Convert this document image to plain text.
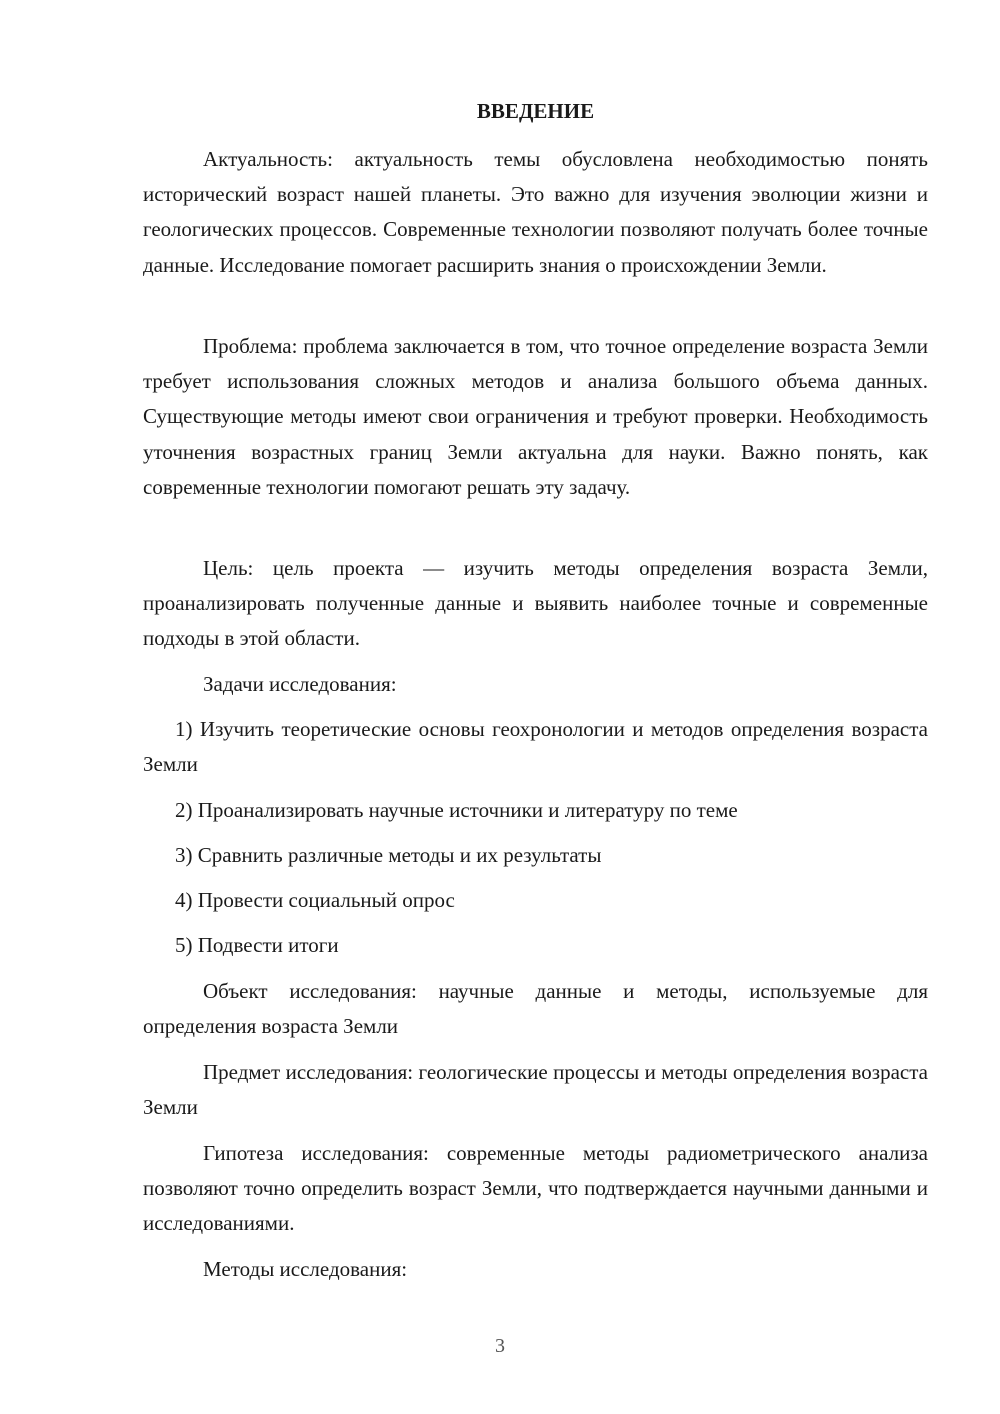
ВВЕДЕНИЕ

Актуальность: актуальность темы обусловлена необходимостью понять исторический возраст нашей планеты. Это важно для изучения эволюции жизни и геологических процессов. Современные технологии позволяют получать более точные данные. Исследование помогает расширить знания о происхождении Земли.

Проблема: проблема заключается в том, что точное определение возраста Земли требует использования сложных методов и анализа большого объема данных. Существующие методы имеют свои ограничения и требуют проверки. Необходимость уточнения возрастных границ Земли актуальна для науки. Важно понять, как современные технологии помогают решать эту задачу.

Цель: цель проекта — изучить методы определения возраста Земли, проанализировать полученные данные и выявить наиболее точные и современные подходы в этой области.

Задачи исследования:

1) Изучить теоретические основы геохронологии и методов определения возраста Земли

2) Проанализировать научные источники и литературу по теме

3) Сравнить различные методы и их результаты

4) Провести социальный опрос

5) Подвести итоги

Объект исследования: научные данные и методы, используемые для определения возраста Земли

Предмет исследования: геологические процессы и методы определения возраста Земли

Гипотеза исследования: современные методы радиометрического анализа позволяют точно определить возраст Земли, что подтверждается научными данными и исследованиями.

Методы исследования:

3
